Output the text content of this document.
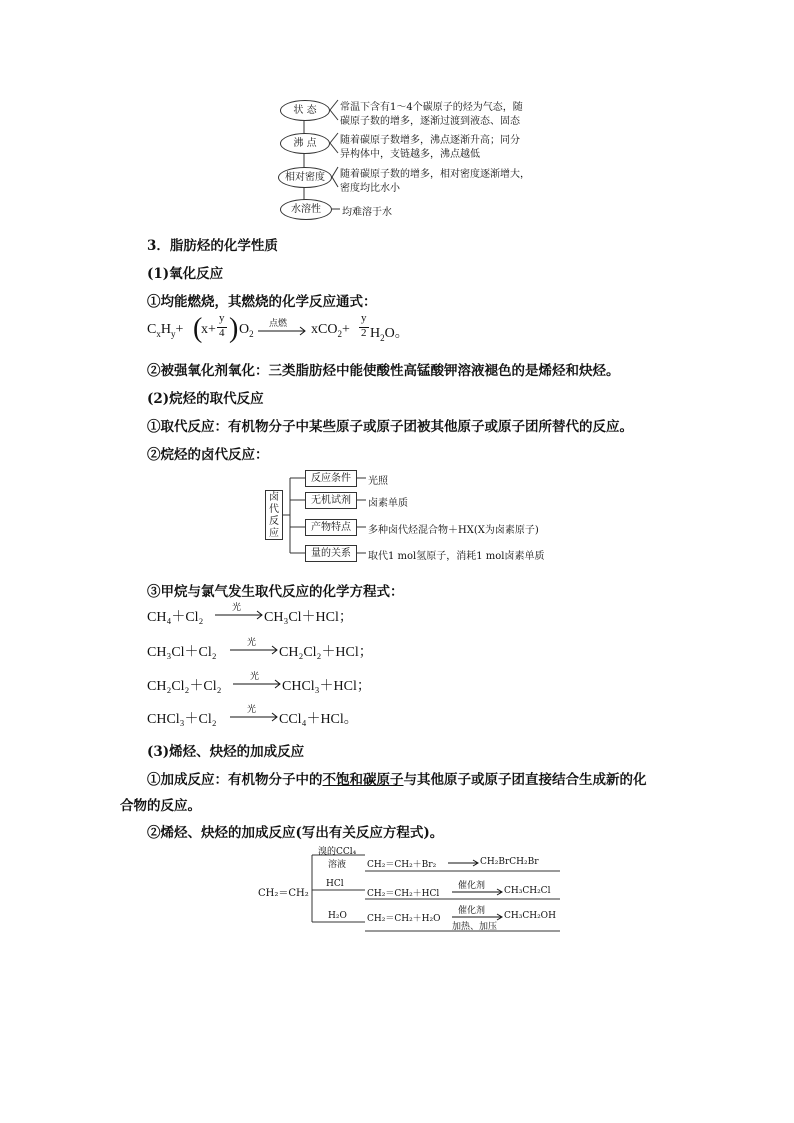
状 态
沸 点
相对密度
水溶性
常温下含有1～4个碳原子的烃为气态，随
碳原子数的增多，逐渐过渡到液态、固态
随着碳原子数增多，沸点逐渐升高；同分
异构体中，支链越多，沸点越低
随着碳原子数的增多，相对密度逐渐增大，
密度均比水小
均难溶于水
3．脂肪烃的化学性质
(1)氧化反应
①均能燃烧，其燃烧的化学反应通式：
$C_xH_y+$ (
x+
y
4 ) $O_2$
点燃 xCO$_2$+
y
2 $H_2O$。
②被强氧化剂氧化：三类脂肪烃中能使酸性高锰酸钾溶液褪色的是烯烃和炔烃。
(2)烷烃的取代反应
①取代反应：有机物分子中某些原子或原子团被其他原子或原子团所替代的反应。
②烷烃的卤代反应：
卤代反应
反应条件
无机试剂
产物特点
量的关系
光照
卤素单质
多种卤代烃混合物＋HX(X为卤素原子)
取代1 mol氢原子，消耗1 mol卤素单质
③甲烷与氯气发生取代反应的化学方程式：
CH₄＋Cl₂
光
CH₃Cl＋HCl；
CH₃Cl＋Cl₂
光
CH₂Cl₂＋HCl；
CH₂Cl₂＋Cl₂
光
CHCl₃＋HCl；
CHCl₃＋Cl₂
光
CCl₄＋HCl。
(3)烯烃、炔烃的加成反应
①加成反应：有机物分子中的不饱和碳原子与其他原子或原子团直接结合生成新的化
合物的反应。
②烯烃、炔烃的加成反应(写出有关反应方程式)。
CH₂＝CH₂
溴的CCl₄
溶液 CH₂＝CH₂＋Br₂	CH₂BrCH₂Br
HCl
CH₂＝CH₂＋HCl
催化剂 CH₃CH₂Cl
H₂O CH₂＝CH₂＋H₂O
催化剂
加热、加压
CH₃CH₂OH
